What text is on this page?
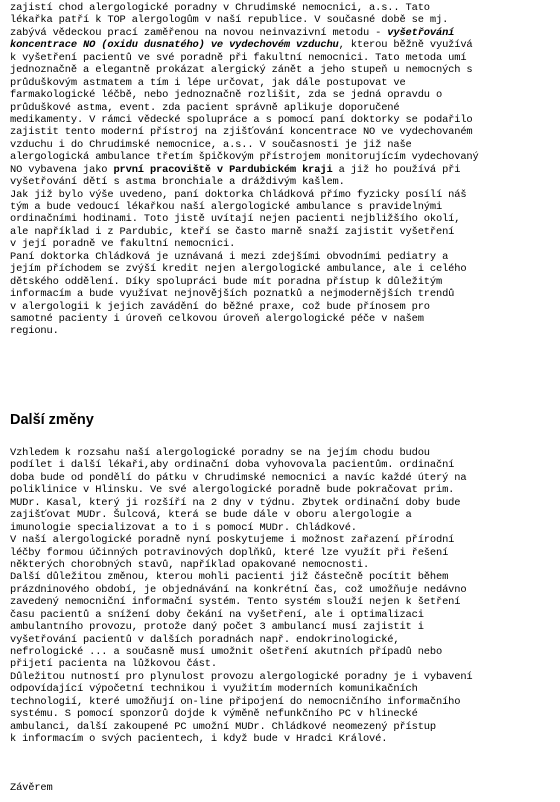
zajistí chod alergologické poradny v Chrudimské nemocnici, a.s.. Tato
lékařka patří k TOP alergologům v naší republice. V současné době se mj.
zabývá vědeckou prací zaměřenou na novou neinvazivní metodu - vyšetřování
koncentrace NO (oxidu dusnatého) ve vydechovém vzduchu, kterou běžně využívá
k vyšetření pacientů ve své poradně při fakultní nemocnici. Tato metoda umí
jednoznačně a elegantně prokázat alergický zánět a jeho stupeň u nemocných s
průduškovým astmatem a tím i lépe určovat, jak dále postupovat ve
farmakologické léčbě, nebo jednoznačně rozlišit, zda se jedná opravdu o
průduškové astma, event. zda pacient správně aplikuje doporučené
medikamenty. V rámci vědecké spolupráce a s pomocí paní doktorky se podařilo
zajistit tento moderní přístroj na zjišťování koncentrace NO ve vydechovaném
vzduchu i do Chrudimské nemocnice, a.s.. V současnosti je již naše
alergologická ambulance třetím špičkovým přístrojem monitorujícím vydechovaný
NO vybavena jako první pracoviště v Pardubickém kraji a již ho používá při
vyšetřování dětí s astma bronchiale a dráždivým kašlem.
Jak již bylo výše uvedeno, paní doktorka Chládková přímo fyzicky posílí náš
tým a bude vedoucí lékařkou naší alergologické ambulance s pravidelnými
ordinačními hodinami. Toto jistě uvítají nejen pacienti nejbližšího okolí,
ale například i z Pardubic, kteří se často marně snaží zajistit vyšetření
v její poradně ve fakultní nemocnici.
Paní doktorka Chládková je uznávaná i mezi zdejšími obvodními pediatry a
jejím příchodem se zvýší kredit nejen alergologické ambulance, ale i celého
dětského oddělení. Díky spolupráci bude mít poradna přístup k důležitým
informacím a bude využívat nejnovějších poznatků a nejmodernějších trendů
v alergologii k jejich zavádění do běžné praxe, což bude přínosem pro
samotné pacienty i úroveň celkovou úroveň alergologické péče v našem
regionu.
Další změny
Vzhledem k rozsahu naší alergologické poradny se na jejím chodu budou
podílet i další lékaři,aby ordinační doba vyhovovala pacientům. ordinační
doba bude od pondělí do pátku v Chrudimské nemocnici a navíc každé úterý na
poliklinice v Hlinsku. Ve své alergologické poradně bude pokračovat prim.
MUDr. Kasal, který ji rozšíří na 2 dny v týdnu. Zbytek ordinační doby bude
zajišťovat MUDr. Šulcová, která se bude dále v oboru alergologie a
imunologie specializovat a to i s pomocí MUDr. Chládkové.
V naší alergologické poradně nyní poskytujeme i možnost zařazení přírodní
léčby formou účinných potravinových doplňků, které lze využít při řešení
některých chorobných stavů, například opakované nemocnosti.
Další důležitou změnou, kterou mohli pacienti již částečně pocítit během
prázdninového období, je objednávání na konkrétní čas, což umožňuje nedávno
zavedený nemocniční informační systém. Tento systém slouží nejen k šetření
času pacientů a snížení doby čekání na vyšetření, ale i optimalizaci
ambulantního provozu, protože daný počet 3 ambulancí musí zajistit i
vyšetřování pacientů v dalších poradnách např. endokrinologické,
nefrologické ... a současně musí umožnit ošetření akutních případů nebo
přijetí pacienta na lůžkovou část.
Důležitou nutností pro plynulost provozu alergologické poradny je i vybavení
odpovídající výpočetní technikou i využitím moderních komunikačních
technologií, které umožňují on-line připojení do nemocničního informačního
systému. S pomocí sponzorů dojde k výměně nefunkčního PC v hlinecké
ambulanci, další zakoupené PC umožní MUDr. Chládkové neomezený přístup
k informacím o svých pacientech, i když bude v Hradci Králové.
Závěrem
